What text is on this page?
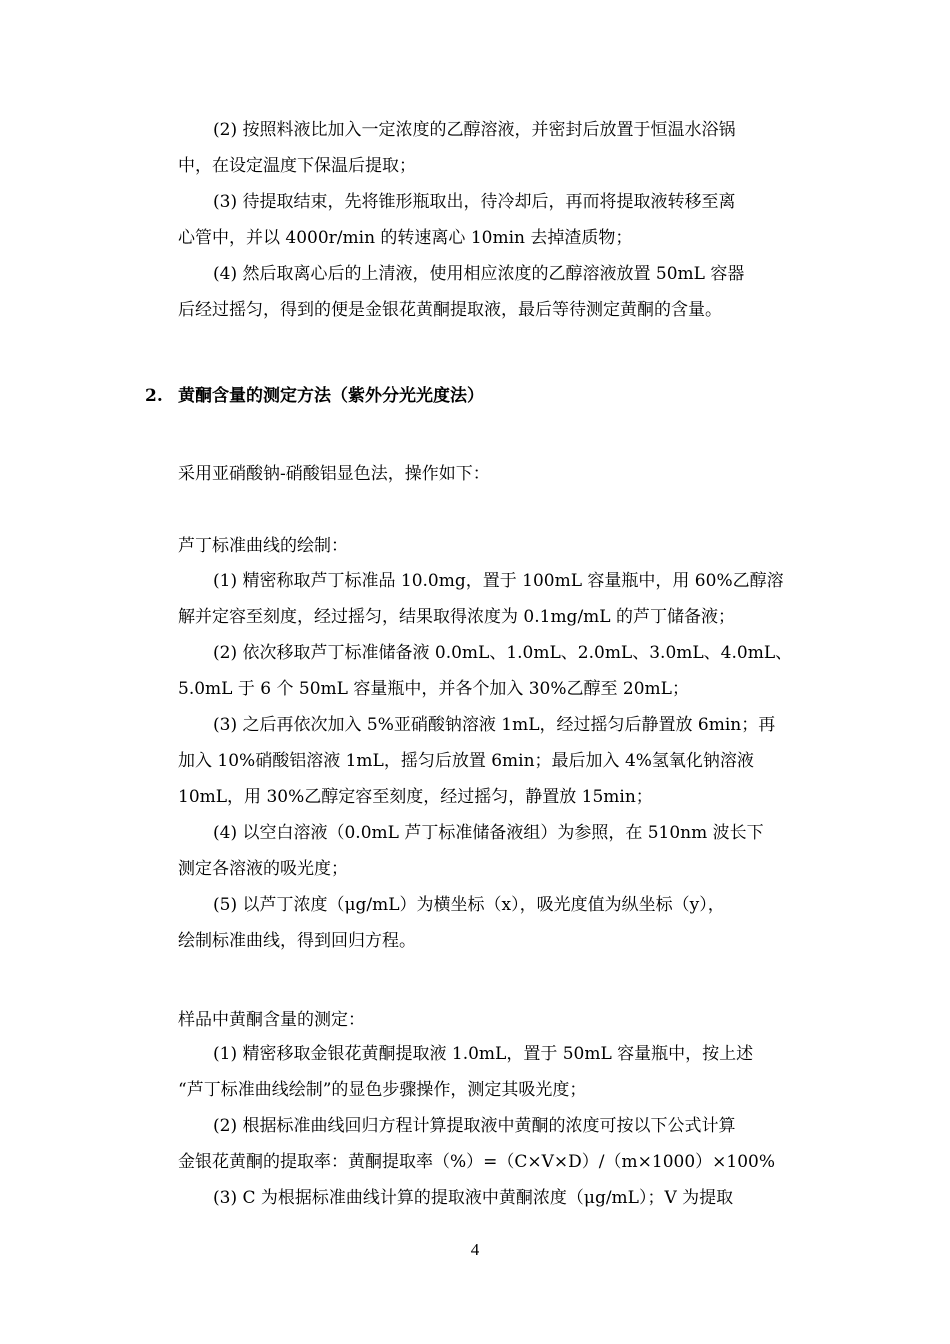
(2) 按照料液比加入一定浓度的乙醇溶液，并密封后放置于恒温水浴锅
中，在设定温度下保温后提取；
(3) 待提取结束，先将锥形瓶取出，待冷却后，再而将提取液转移至离
心管中，并以 4000r/min 的转速离心 10min 去掉渣质物；
(4) 然后取离心后的上清液，使用相应浓度的乙醇溶液放置 50mL 容器
后经过摇匀，得到的便是金银花黄酮提取液，最后等待测定黄酮的含量。
2. 黄酮含量的测定方法（紫外分光光度法）
采用亚硝酸钠-硝酸铝显色法，操作如下：
芦丁标准曲线的绘制：
(1) 精密称取芦丁标准品 10.0mg，置于 100mL 容量瓶中，用 60%乙醇溶
解并定容至刻度，经过摇匀，结果取得浓度为 0.1mg/mL 的芦丁储备液；
(2) 依次移取芦丁标准储备液 0.0mL、1.0mL、2.0mL、3.0mL、4.0mL、
5.0mL 于 6 个 50mL 容量瓶中，并各个加入 30%乙醇至 20mL；
(3) 之后再依次加入 5%亚硝酸钠溶液 1mL，经过摇匀后静置放 6min；再
加入 10%硝酸铝溶液 1mL，摇匀后放置 6min；最后加入 4%氢氧化钠溶液
10mL，用 30%乙醇定容至刻度，经过摇匀，静置放 15min；
(4) 以空白溶液（0.0mL 芦丁标准储备液组）为参照，在 510nm 波长下
测定各溶液的吸光度；
(5) 以芦丁浓度（μg/mL）为横坐标（x），吸光度值为纵坐标（y），
绘制标准曲线，得到回归方程。
样品中黄酮含量的测定：
(1) 精密移取金银花黄酮提取液 1.0mL，置于 50mL 容量瓶中，按上述
“芦丁标准曲线绘制”的显色步骤操作，测定其吸光度；
(2) 根据标准曲线回归方程计算提取液中黄酮的浓度可按以下公式计算
金银花黄酮的提取率：黄酮提取率（%）=（C×V×D）/（m×1000）×100%
(3) C 为根据标准曲线计算的提取液中黄酮浓度（μg/mL）；V 为提取
4
